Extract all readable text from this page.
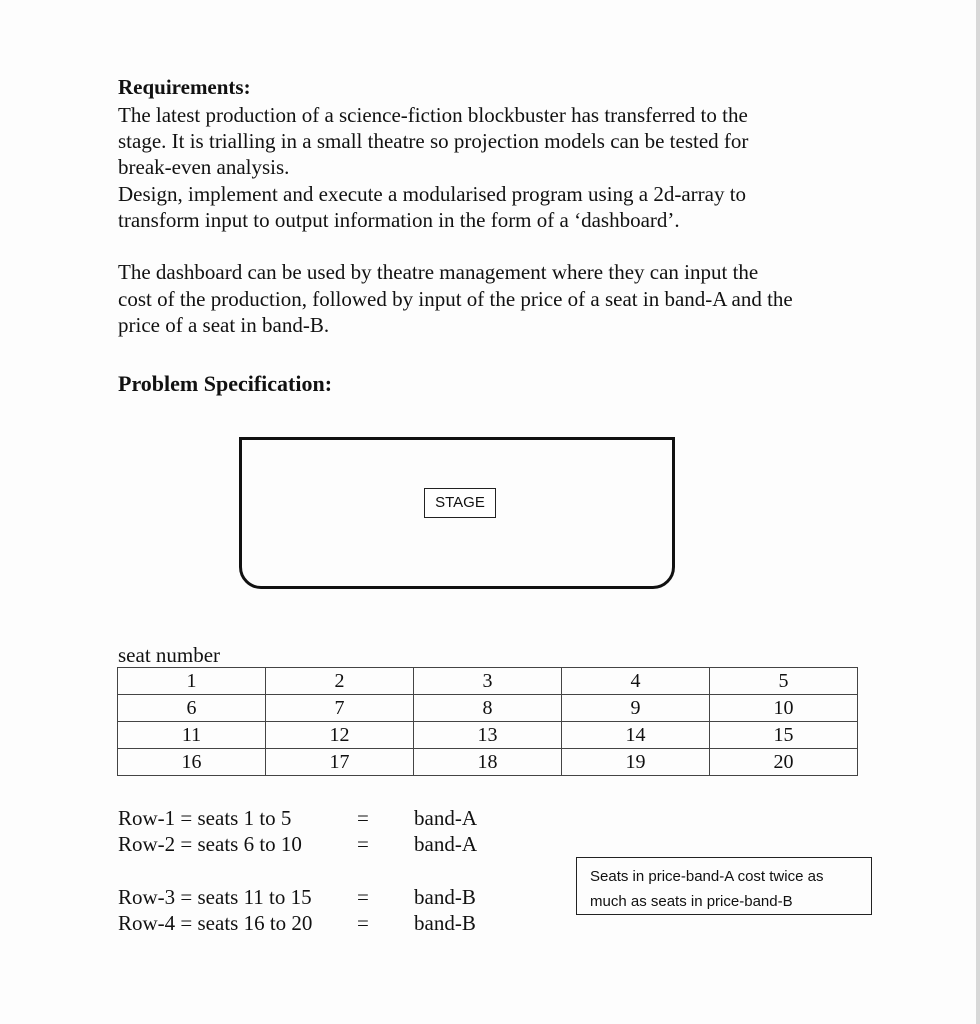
Requirements:
The latest production of a science-fiction blockbuster has transferred to the
stage. It is trialling in a small theatre so projection models can be tested for
break-even analysis.
Design, implement and execute a modularised program using a 2d-array to
transform input to output information in the form of a ‘dashboard’.
The dashboard can be used by theatre management where they can input the
cost of the production, followed by input of the price of a seat in band-A and the
price of a seat in band-B.
Problem Specification:
STAGE
seat number
1	2	3	4	5
6	7	8	9	10
11	12	13	14	15
16	17	18	19	20
Row-1 = seats 1 to 5	= band-A
Row-2 = seats 6 to 10	= band-A
Row-3 = seats 11 to 15 = band-B
Row-4 = seats 16 to 20 = band-B
Seats in price-band-A cost twice as
much as seats in price-band-B
